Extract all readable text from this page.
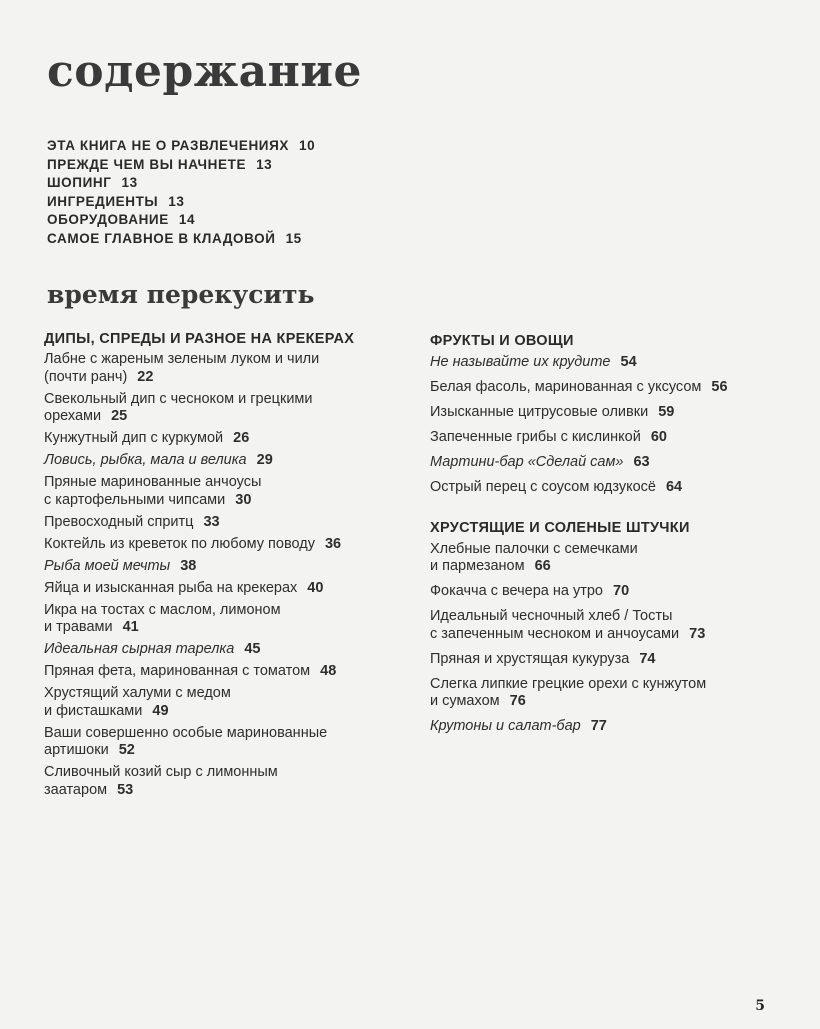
содержание
ЭТА КНИГА НЕ О РАЗВЛЕЧЕНИЯХ 10
ПРЕЖДЕ ЧЕМ ВЫ НАЧНЕТЕ 13
ШОПИНГ 13
ИНГРЕДИЕНТЫ 13
ОБОРУДОВАНИЕ 14
САМОЕ ГЛАВНОЕ В КЛАДОВОЙ 15
время перекусить
ДИПЫ, СПРЕДЫ И РАЗНОЕ НА КРЕКЕРАХ
Лабне с жареным зеленым луком и чили
(почти ранч) 22
Свекольный дип с чесноком и грецкими
орехами 25
Кунжутный дип с куркумой 26
Ловись, рыбка, мала и велика 29
Пряные маринованные анчоусы
с картофельными чипсами 30
Превосходный спритц 33
Коктейль из креветок по любому поводу 36
Рыба моей мечты 38
Яйца и изысканная рыба на крекерах 40
Икра на тостах с маслом, лимоном
и травами 41
Идеальная сырная тарелка 45
Пряная фета, маринованная с томатом 48
Хрустящий халуми с медом
и фисташками 49
Ваши совершенно особые маринованные
артишоки 52
Сливочный козий сыр с лимонным
заатаром 53
ФРУКТЫ И ОВОЩИ
Не называйте их крудите 54
Белая фасоль, маринованная с уксусом 56
Изысканные цитрусовые оливки 59
Запеченные грибы с кислинкой 60
Мартини-бар «Сделай сам» 63
Острый перец с соусом юдзукосё 64
ХРУСТЯЩИЕ И СОЛЕНЫЕ ШТУЧКИ
Хлебные палочки с семечками
и пармезаном 66
Фокачча с вечера на утро 70
Идеальный чесночный хлеб / Тосты
с запеченным чесноком и анчоусами 73
Пряная и хрустящая кукуруза 74
Слегка липкие грецкие орехи с кунжутом
и сумахом 76
Крутоны и салат-бар 77
5
